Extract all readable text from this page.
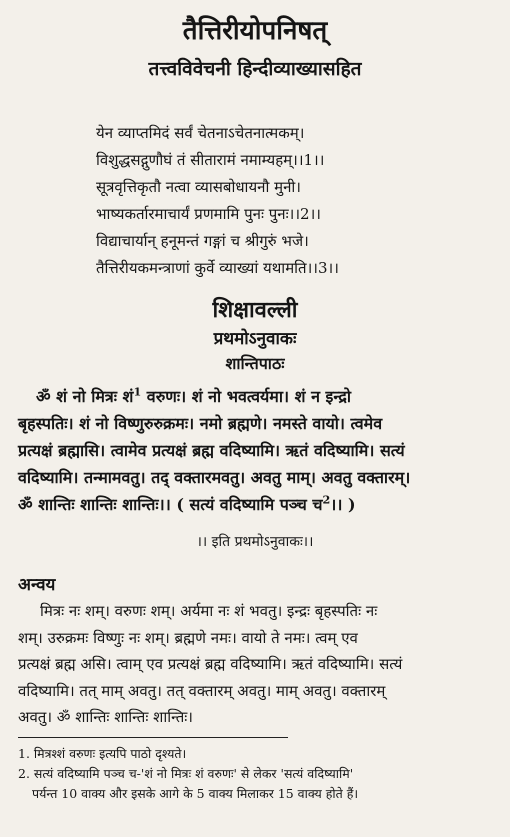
तैत्तिरीयोपनिषत्
तत्त्वविवेचनी हिन्दीव्याख्यासहित
येन व्याप्तमिदं सर्वं चेतनाऽचेतनात्मकम्।
विशुद्धसद्गुणौघं तं सीतारामं नमाम्यहम्।।1।।
सूत्रवृत्तिकृतौ नत्वा व्यासबोधायनौ मुनी।
भाष्यकर्तारमाचार्यं प्रणमामि पुनः पुनः।।2।।
विद्याचार्यान् हनूमन्तं गङ्गां च श्रीगुरुं भजे।
तैत्तिरीयकमन्त्राणां कुर्वे व्याख्यां यथामति।।3।।
शिक्षावल्ली
प्रथमोऽनुवाकः
शान्तिपाठः
ॐ शं नो मित्रः शं$^1$ वरुणः। शं नो भवत्वर्यमा। शं न इन्द्रो
बृहस्पतिः। शं नो विष्णुरुरुक्रमः। नमो ब्रह्मणे। नमस्ते वायो। त्वमेव
प्रत्यक्षं ब्रह्मासि। त्वामेव प्रत्यक्षं ब्रह्म वदिष्यामि। ऋतं वदिष्यामि। सत्यं
वदिष्यामि। तन्मामवतु। तद् वक्तारमवतु। अवतु माम्। अवतु वक्तारम्।
ॐ शान्तिः शान्तिः शान्तिः।। ( सत्यं वदिष्यामि पञ्च च$^2$।। )
।। इति प्रथमोऽनुवाकः।।
अन्वय
मित्रः नः शम्। वरुणः शम्। अर्यमा नः शं भवतु। इन्द्रः बृहस्पतिः नः
शम्। उरुक्रमः विष्णुः नः शम्। ब्रह्मणे नमः। वायो ते नमः। त्वम् एव
प्रत्यक्षं ब्रह्म असि। त्वाम् एव प्रत्यक्षं ब्रह्म वदिष्यामि। ऋतं वदिष्यामि। सत्यं
वदिष्यामि। तत् माम् अवतु। तत् वक्तारम् अवतु। माम् अवतु। वक्तारम्
अवतु। ॐ शान्तिः शान्तिः शान्तिः।
1. मित्रश्शं वरुणः इत्यपि पाठो दृश्यते।
2. सत्यं वदिष्यामि पञ्च च-'शं नो मित्रः शं वरुणः' से लेकर 'सत्यं वदिष्यामि'
पर्यन्त 10 वाक्य और इसके आगे के 5 वाक्य मिलाकर 15 वाक्य होते हैं।
